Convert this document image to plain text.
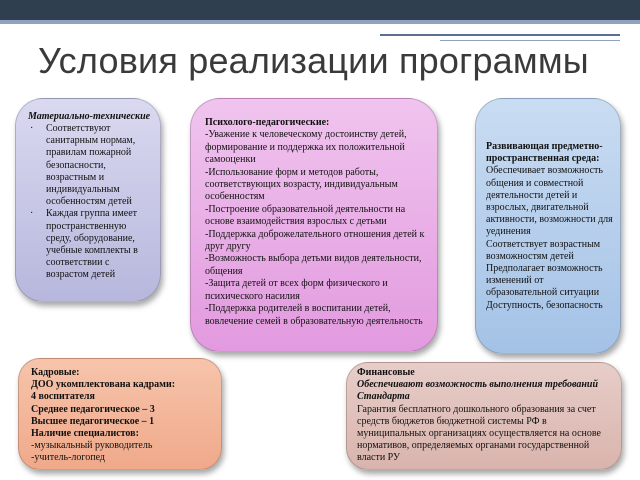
Условия реализации программы
Материально-техническиe
· Соответствуют санитарным нормам, правилам пожарной безопасности, возрастным и индивидуальным особенностям детей
· Каждая группа имеет пространственную среду, оборудование, учебные комплекты в соответствии с возрастом детей
Психолого-педагогические:
-Уважение к человеческому достоинству детей, формирование и поддержка их положительной самооценки
-Использование форм и методов работы, соответствующих возрасту, индивидуальным особенностям
-Построение образовательной деятельности на основе взаимодействия взрослых с детьми
-Поддержка доброжелательного отношения детей к друг другу
-Возможность выбора детьми видов деятельности, общения
-Защита детей от всех форм физического и психического насилия
-Поддержка родителей в воспитании детей, вовлечение семей в образовательную деятельность
Развивающая предметно-пространственная среда:
Обеспечивает возможность общения и совместной деятельности детей и взрослых, двигательной активности, возможности для уединения
Соответствует возрастным возможностям детей
Предполагает возможность изменений от образовательной ситуации
Доступность, безопасность
Кадровые:
ДОО укомплектована кадрами:
4 воспитателя
Среднее педагогическое – 3
Высшее педагогическое – 1
Наличие специалистов:
-музыкальный руководитель
-учитель-логопед
Финансовые
Обеспечивают возможность выполнения требований Стандарта
Гарантия бесплатного дошкольного образования за счет средств бюджетов бюджетной системы РФ в муниципальных организациях осуществляется на основе нормативов, определяемых органами государственной власти РУ
